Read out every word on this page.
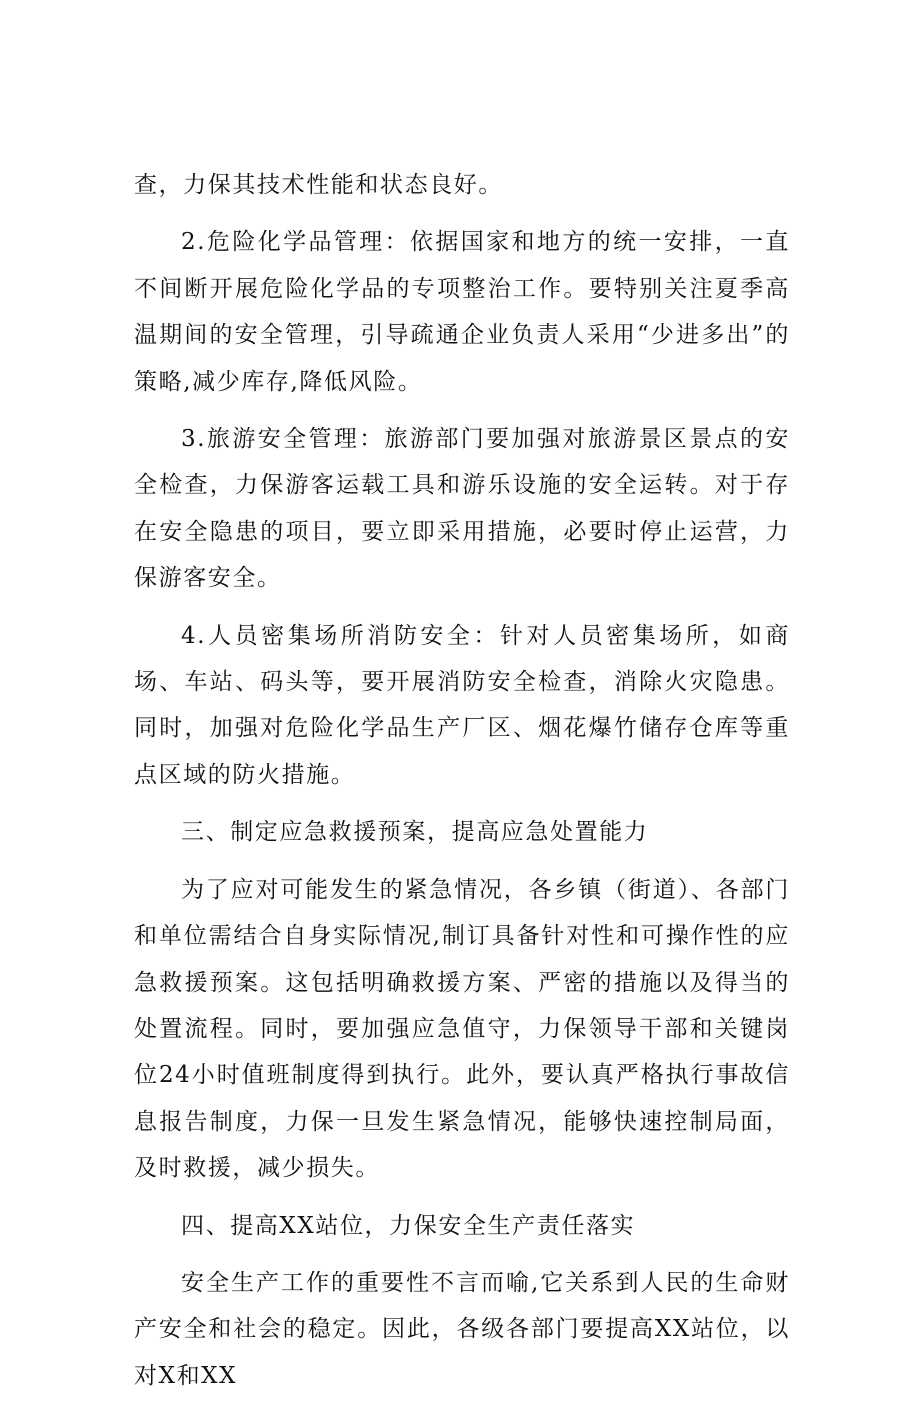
查，力保其技术性能和状态良好。

2.危险化学品管理：依据国家和地方的统一安排，一直不间断开展危险化学品的专项整治工作。要特别关注夏季高温期间的安全管理，引导疏通企业负责人采用“少进多出”的策略,减少库存,降低风险。

3.旅游安全管理：旅游部门要加强对旅游景区景点的安全检查，力保游客运载工具和游乐设施的安全运转。对于存在安全隐患的项目，要立即采用措施，必要时停止运营，力保游客安全。

4.人员密集场所消防安全：针对人员密集场所，如商场、车站、码头等，要开展消防安全检查，消除火灾隐患。同时，加强对危险化学品生产厂区、烟花爆竹储存仓库等重点区域的防火措施。

三、制定应急救援预案，提高应急处置能力

为了应对可能发生的紧急情况，各乡镇（街道）、各部门和单位需结合自身实际情况,制订具备针对性和可操作性的应急救援预案。这包括明确救援方案、严密的措施以及得当的处置流程。同时，要加强应急值守，力保领导干部和关键岗位24小时值班制度得到执行。此外，要认真严格执行事故信息报告制度，力保一旦发生紧急情况，能够快速控制局面，及时救援，减少损失。

四、提高XX站位，力保安全生产责任落实

安全生产工作的重要性不言而喻,它关系到人民的生命财产安全和社会的稳定。因此，各级各部门要提高XX站位，以对X和XX
